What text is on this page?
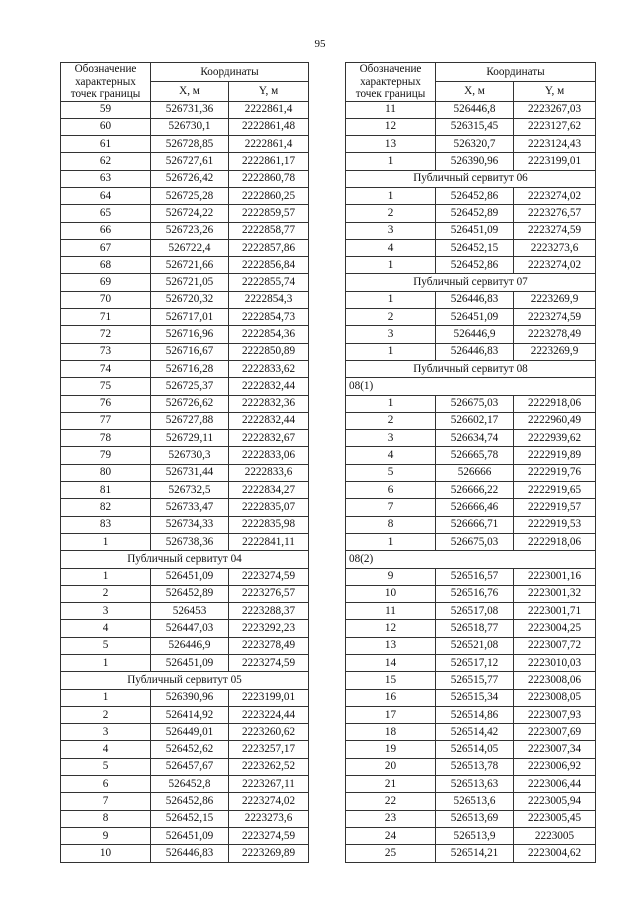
95
Обозначение характерных точек границы	Координаты	
	X, м	Y, м
59	526731,36	2222861,4
60	526730,1	2222861,48
61	526728,85	2222861,4
62	526727,61	2222861,17
63	526726,42	2222860,78
64	526725,28	2222860,25
65	526724,22	2222859,57
66	526723,26	2222858,77
67	526722,4	2222857,86
68	526721,66	2222856,84
69	526721,05	2222855,74
70	526720,32	2222854,3
71	526717,01	2222854,73
72	526716,96	2222854,36
73	526716,67	2222850,89
74	526716,28	2222833,62
75	526725,37	2222832,44
76	526726,62	2222832,36
77	526727,88	2222832,44
78	526729,11	2222832,67
79	526730,3	2222833,06
80	526731,44	2222833,6
81	526732,5	2222834,27
82	526733,47	2222835,07
83	526734,33	2222835,98
1	526738,36	2222841,11
Публичный сервитут 04		
1	526451,09	2223274,59
2	526452,89	2223276,57
3	526453	2223288,37
4	526447,03	2223292,23
5	526446,9	2223278,49
1	526451,09	2223274,59
Публичный сервитут 05		
1	526390,96	2223199,01
2	526414,92	2223224,44
3	526449,01	2223260,62
4	526452,62	2223257,17
5	526457,67	2223262,52
6	526452,8	2223267,11
7	526452,86	2223274,02
8	526452,15	2223273,6
9	526451,09	2223274,59
10	526446,83	2223269,89
Обозначение характерных точек границы	Координаты	
	X, м	Y, м
11	526446,8	2223267,03
12	526315,45	2223127,62
13	526320,7	2223124,43
1	526390,96	2223199,01
Публичный сервитут 06		
1	526452,86	2223274,02
2	526452,89	2223276,57
3	526451,09	2223274,59
4	526452,15	2223273,6
1	526452,86	2223274,02
Публичный сервитут 07		
1	526446,83	2223269,9
2	526451,09	2223274,59
3	526446,9	2223278,49
1	526446,83	2223269,9
Публичный сервитут 08		
08(1)		
1	526675,03	2222918,06
2	526602,17	2222960,49
3	526634,74	2222939,62
4	526665,78	2222919,89
5	526666	2222919,76
6	526666,22	2222919,65
7	526666,46	2222919,57
8	526666,71	2222919,53
1	526675,03	2222918,06
08(2)		
9	526516,57	2223001,16
10	526516,76	2223001,32
11	526517,08	2223001,71
12	526518,77	2223004,25
13	526521,08	2223007,72
14	526517,12	2223010,03
15	526515,77	2223008,06
16	526515,34	2223008,05
17	526514,86	2223007,93
18	526514,42	2223007,69
19	526514,05	2223007,34
20	526513,78	2223006,92
21	526513,63	2223006,44
22	526513,6	2223005,94
23	526513,69	2223005,45
24	526513,9	2223005
25	526514,21	2223004,62
